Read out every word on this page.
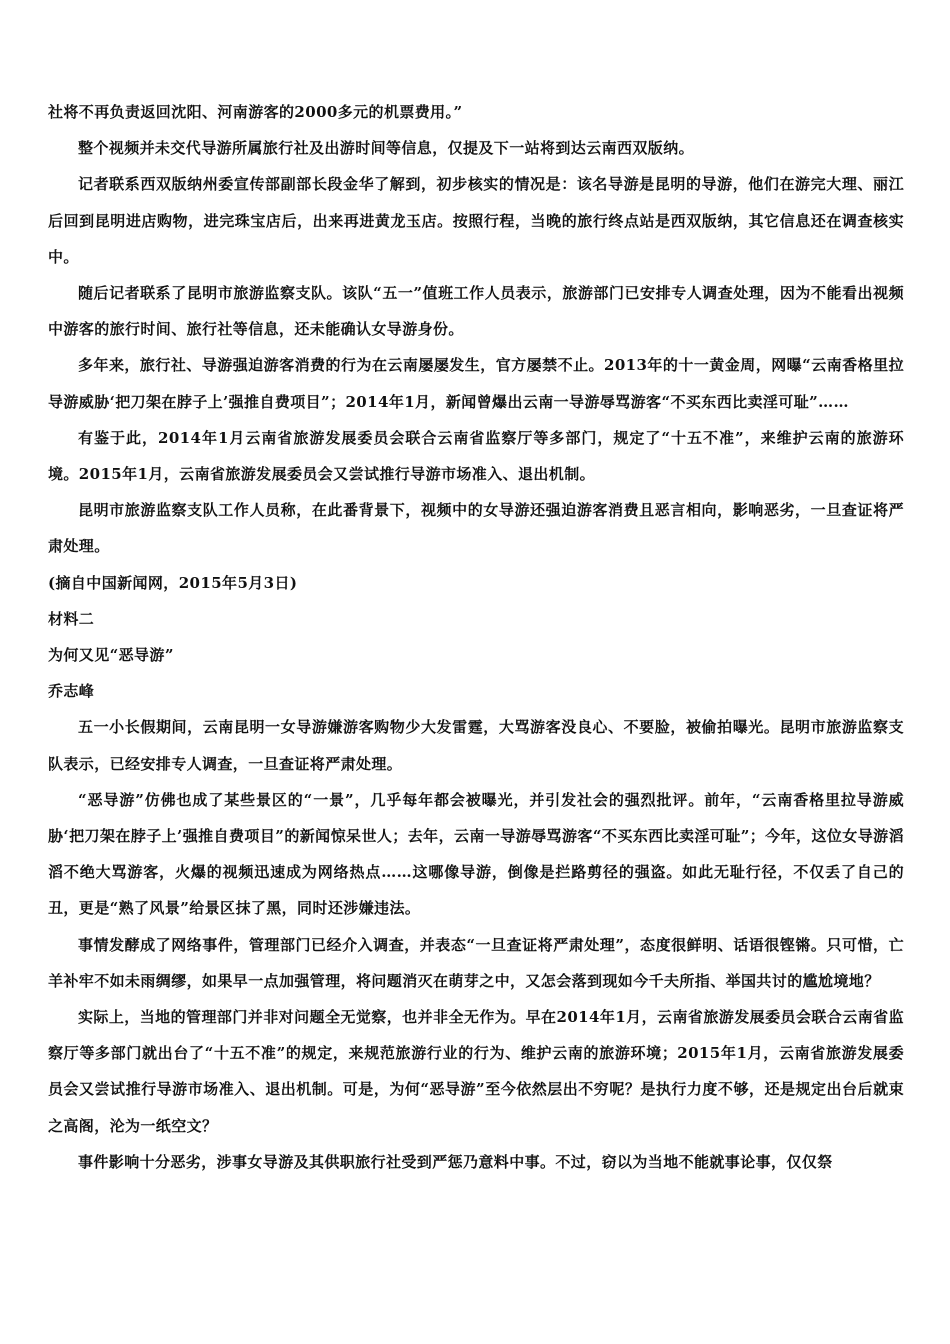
社将不再负责返回沈阳、河南游客的2000多元的机票费用。”

整个视频并未交代导游所属旅行社及出游时间等信息，仅提及下一站将到达云南西双版纳。

记者联系西双版纳州委宣传部副部长段金华了解到，初步核实的情况是：该名导游是昆明的导游，他们在游完大理、丽江后回到昆明进店购物，进完珠宝店后，出来再进黄龙玉店。按照行程，当晚的旅行终点站是西双版纳，其它信息还在调查核实中。

随后记者联系了昆明市旅游监察支队。该队“五一”值班工作人员表示，旅游部门已安排专人调查处理，因为不能看出视频中游客的旅行时间、旅行社等信息，还未能确认女导游身份。

多年来，旅行社、导游强迫游客消费的行为在云南屡屡发生，官方屡禁不止。2013年的十一黄金周，网曝“云南香格里拉导游威胁‘把刀架在脖子上’强推自费项目”；2014年1月，新闻曾爆出云南一导游辱骂游客“不买东西比卖淫可耻”……

有鉴于此，2014年1月云南省旅游发展委员会联合云南省监察厅等多部门，规定了“十五不准”，来维护云南的旅游环境。2015年1月，云南省旅游发展委员会又尝试推行导游市场准入、退出机制。

昆明市旅游监察支队工作人员称，在此番背景下，视频中的女导游还强迫游客消费且恶言相向，影响恶劣，一旦查证将严肃处理。

(摘自中国新闻网，2015年5月3日)

材料二

为何又见“恶导游”

乔志峰

五一小长假期间，云南昆明一女导游嫌游客购物少大发雷霆，大骂游客没良心、不要脸，被偷拍曝光。昆明市旅游监察支队表示，已经安排专人调查，一旦查证将严肃处理。

“恶导游”仿佛也成了某些景区的“一景”，几乎每年都会被曝光，并引发社会的强烈批评。前年，“云南香格里拉导游威胁‘把刀架在脖子上’强推自费项目”的新闻惊呆世人；去年，云南一导游辱骂游客“不买东西比卖淫可耻”；今年，这位女导游滔滔不绝大骂游客，火爆的视频迅速成为网络热点……这哪像导游，倒像是拦路剪径的强盗。如此无耻行径，不仅丢了自己的丑，更是“熟了风景”给景区抹了黑，同时还涉嫌违法。

事情发酵成了网络事件，管理部门已经介入调查，并表态“一旦查证将严肃处理”，态度很鲜明、话语很铿锵。只可惜，亡羊补牢不如未雨绸缪，如果早一点加强管理，将问题消灭在萌芽之中，又怎会落到现如今千夫所指、举国共讨的尴尬境地？

实际上，当地的管理部门并非对问题全无觉察，也并非全无作为。早在2014年1月，云南省旅游发展委员会联合云南省监察厅等多部门就出台了“十五不准”的规定，来规范旅游行业的行为、维护云南的旅游环境；2015年1月，云南省旅游发展委员会又尝试推行导游市场准入、退出机制。可是，为何“恶导游”至今依然层出不穷呢？是执行力度不够，还是规定出台后就束之高阁，沦为一纸空文？

事件影响十分恶劣，涉事女导游及其供职旅行社受到严惩乃意料中事。不过，窃以为当地不能就事论事，仅仅祭
